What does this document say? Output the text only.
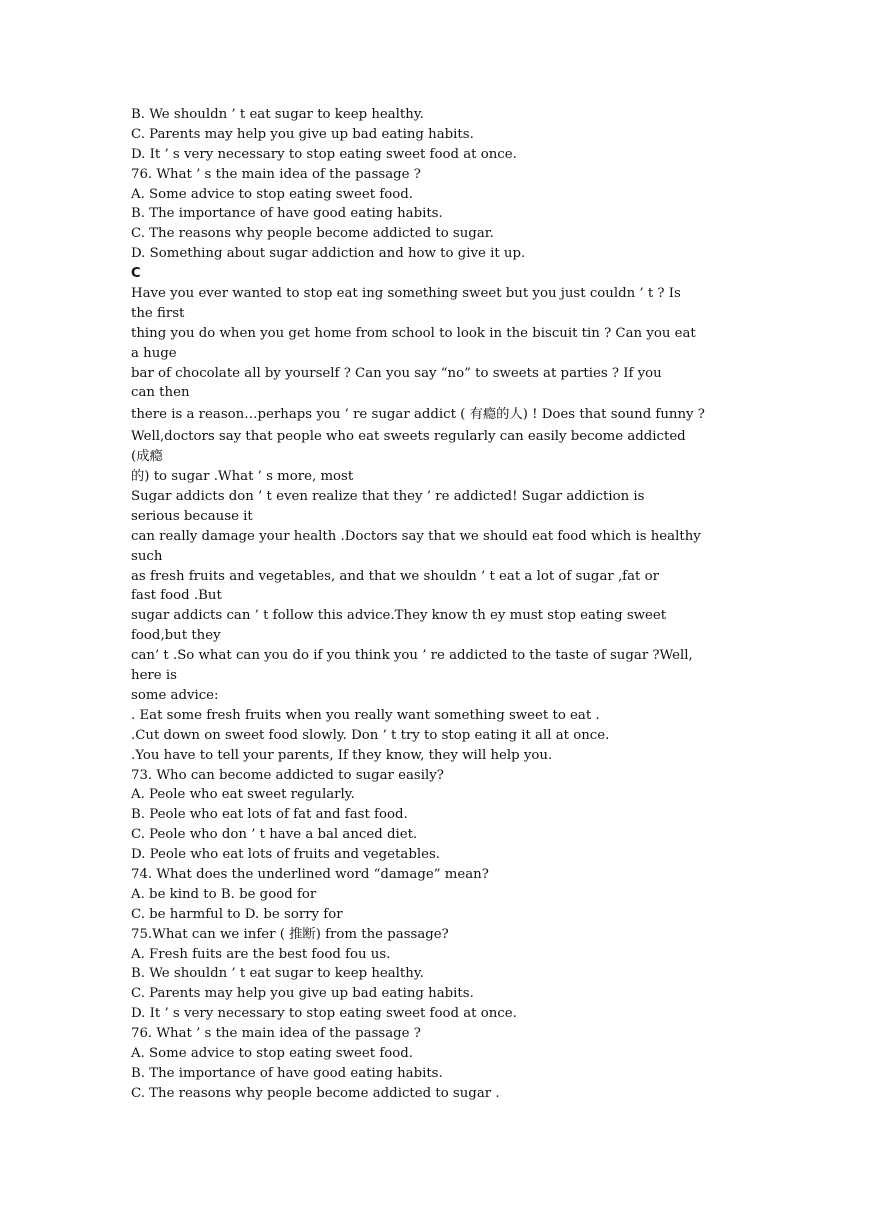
B. We shouldn ’ t eat sugar to keep healthy.
C. Parents may help you give up bad eating habits.
D. It ’ s very necessary to stop eating sweet food at once.
76. What ’ s the main idea of the passage ?
A. Some advice to stop eating sweet food.
B. The importance of have good eating habits.
C. The reasons why people become addicted to sugar.
D. Something about sugar addiction and how to give it up.
C
Have you ever wanted to stop eat ing something sweet but you just couldn ’ t ? Is
the first
thing you do when you get home from school to look in the biscuit tin ? Can you eat
a huge
bar of chocolate all by yourself ? Can you say “no” to sweets at parties ? If you
can then
there is a reason…perhaps you ’ re sugar addict ( 有瘾的人) ! Does that sound funny ?
Well,doctors say that people who eat sweets regularly can easily become addicted
(成瘾
的) to sugar .What ’ s more, most
Sugar addicts don ’ t even realize that they ’ re addicted! Sugar addiction is
serious because it
can really damage your health .Doctors say that we should eat food which is healthy
such
as fresh fruits and vegetables, and that we shouldn ’ t eat a lot of sugar ,fat or
fast food .But
sugar addicts can ’ t follow this advice.They know th ey must stop eating sweet
food,but they
can’ t .So what can you do if you think you ’ re addicted to the taste of sugar ?Well,
here is
some advice:
. Eat some fresh fruits when you really want something sweet to eat .
.Cut down on sweet food slowly. Don ’ t try to stop eating it all at once.
.You have to tell your parents, If they know, they will help you.
73. Who can become addicted to sugar easily?
A. Peole who eat sweet regularly.
B. Peole who eat lots of fat and fast food.
C. Peole who don ’ t have a bal anced diet.
D. Peole who eat lots of fruits and vegetables.
74. What does the underlined word “damage” mean?
A. be kind to B. be good for
C. be harmful to D. be sorry for
75.What can we infer ( 推断) from the passage?
A. Fresh fuits are the best food fou us.
B. We shouldn ’ t eat sugar to keep healthy.
C. Parents may help you give up bad eating habits.
D. It ’ s very necessary to stop eating sweet food at once.
76. What ’ s the main idea of the passage ?
A. Some advice to stop eating sweet food.
B. The importance of have good eating habits.
C. The reasons why people become addicted to sugar .
